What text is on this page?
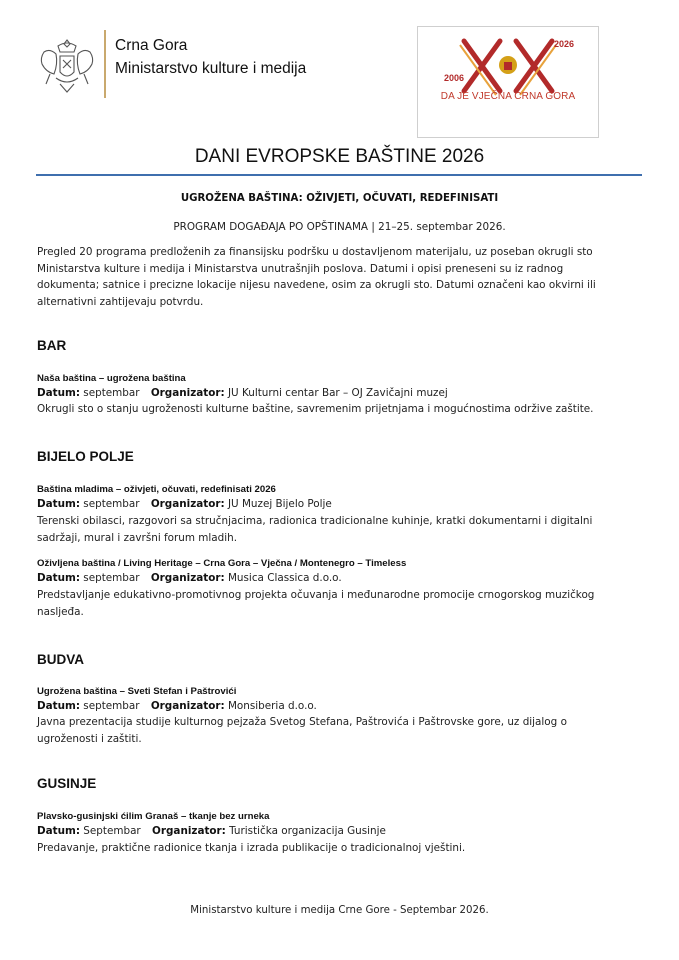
Crna Gora
Ministarstvo kulture i medija
2026
2006
DA JE VJEČNA CRNA GORA
DANI EVROPSKE BAŠTINE 2026
UGROŽENA BAŠTINA: OŽIVJETI, OČUVATI, REDEFINISATI
PROGRAM DOGAĐAJA PO OPŠTINAMA | 21–25. septembar 2026.
Pregled 20 programa predloženih za finansijsku podršku u dostavljenom materijalu, uz poseban okrugli sto
Ministarstva kulture i medija i Ministarstva unutrašnjih poslova. Datumi i opisi preneseni su iz radnog
dokumenta; satnice i precizne lokacije nijesu navedene, osim za okrugli sto. Datumi označeni kao okvirni ili
alternativni zahtijevaju potvrdu.
BAR
Naša baština – ugrožena baština
Datum: septembar Organizator: JU Kulturni centar Bar – OJ Zavičajni muzej
Okrugli sto o stanju ugroženosti kulturne baštine, savremenim prijetnjama i mogućnostima održive zaštite.
BIJELO POLJE
Baština mladima – oživjeti, očuvati, redefinisati 2026
Datum: septembar Organizator: JU Muzej Bijelo Polje
Terenski obilasci, razgovori sa stručnjacima, radionica tradicionalne kuhinje, kratki dokumentarni i digitalni
sadržaji, mural i završni forum mladih.
Oživljena baština / Living Heritage – Crna Gora – Vječna / Montenegro – Timeless
Datum: septembar Organizator: Musica Classica d.o.o.
Predstavljanje edukativno-promotivnog projekta očuvanja i međunarodne promocije crnogorskog muzičkog
nasljeđa.
BUDVA
Ugrožena baština – Sveti Stefan i Paštrovići
Datum: septembar Organizator: Monsiberia d.o.o.
Javna prezentacija studije kulturnog pejzaža Svetog Stefana, Paštrovića i Paštrovske gore, uz dijalog o
ugroženosti i zaštiti.
GUSINJE
Plavsko-gusinjski ćilim Granaš – tkanje bez urneka
Datum: Septembar Organizator: Turistička organizacija Gusinje
Predavanje, praktične radionice tkanja i izrada publikacije o tradicionalnoj vještini.
Ministarstvo kulture i medija Crne Gore - Septembar 2026.
